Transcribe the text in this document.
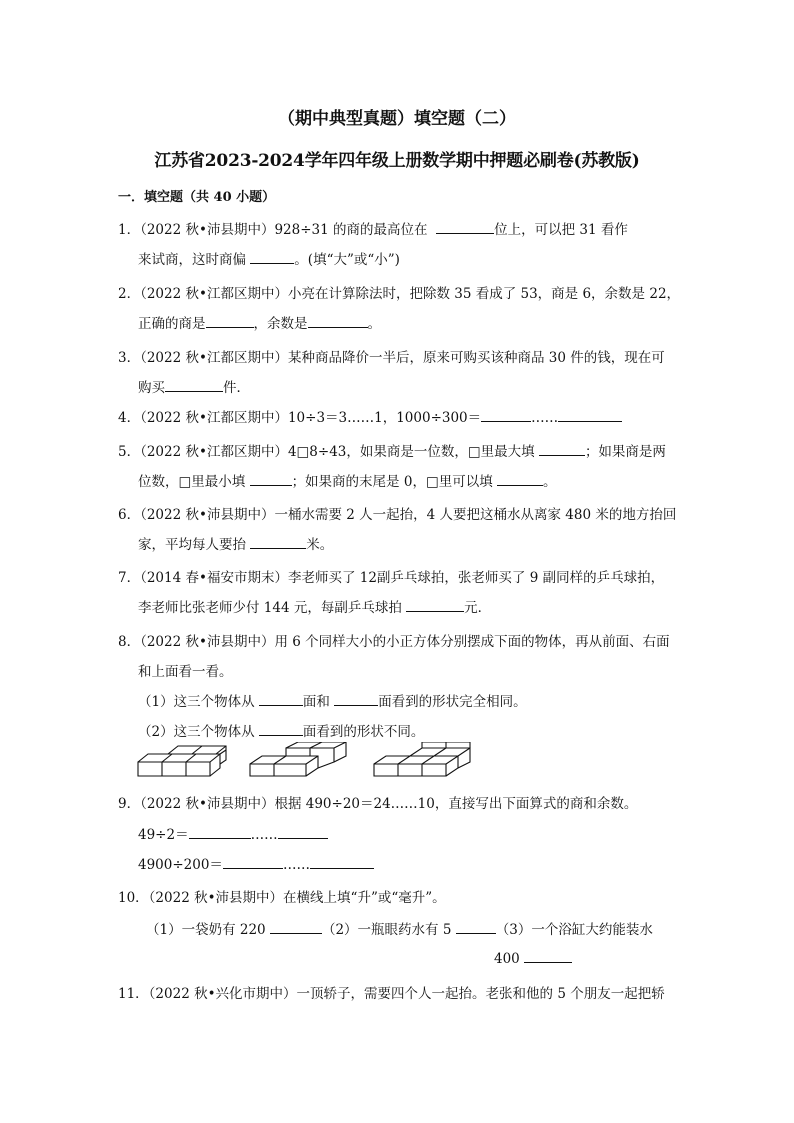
（期中典型真题）填空题（二）
江苏省2023-2024学年四年级上册数学期中押题必刷卷(苏教版)
一．填空题（共 40 小题）
1．（2022 秋•沛县期中）928÷31 的商的最高位在	位上，可以把 31 看作
来试商，这时商偏	。(填“大”或“小”)
2．（2022 秋•江都区期中）小亮在计算除法时，把除数 35 看成了 53，商是 6，余数是 22，
正确的商是	，余数是	。
3．（2022 秋•江都区期中）某种商品降价一半后，原来可购买该种商品 30 件的钱，现在可
购买	件．
4．（2022 秋•江都区期中）10÷3＝3……1，1000÷300＝	……
5．（2022 秋•江都区期中）4□8÷43，如果商是一位数，□里最大填	；如果商是两
位数，□里最小填	；如果商的末尾是 0，□里可以填	。
6．（2022 秋•沛县期中）一桶水需要 2 人一起抬，4 人要把这桶水从离家 480 米的地方抬回
家，平均每人要抬	米。
7．（2014 春•福安市期末）李老师买了 12副乒乓球拍，张老师买了 9 副同样的乒乓球拍，
李老师比张老师少付 144 元，每副乒乓球拍	元．
8．（2022 秋•沛县期中）用 6 个同样大小的小正方体分别摆成下面的物体，再从前面、右面
和上面看一看。
（1）这三个物体从	面和	面看到的形状完全相同。
（2）这三个物体从	面看到的形状不同。
9．（2022 秋•沛县期中）根据 490÷20＝24……10，直接写出下面算式的商和余数。
49÷2＝	……
4900÷200＝	……
10．（2022 秋•沛县期中）在横线上填“升”或“毫升”。
（1）一袋奶有 220	（2）一瓶眼药水有 5	（3）一个浴缸大约能装水
400
11．（2022 秋•兴化市期中）一顶轿子，需要四个人一起抬。老张和他的 5 个朋友一起把轿
